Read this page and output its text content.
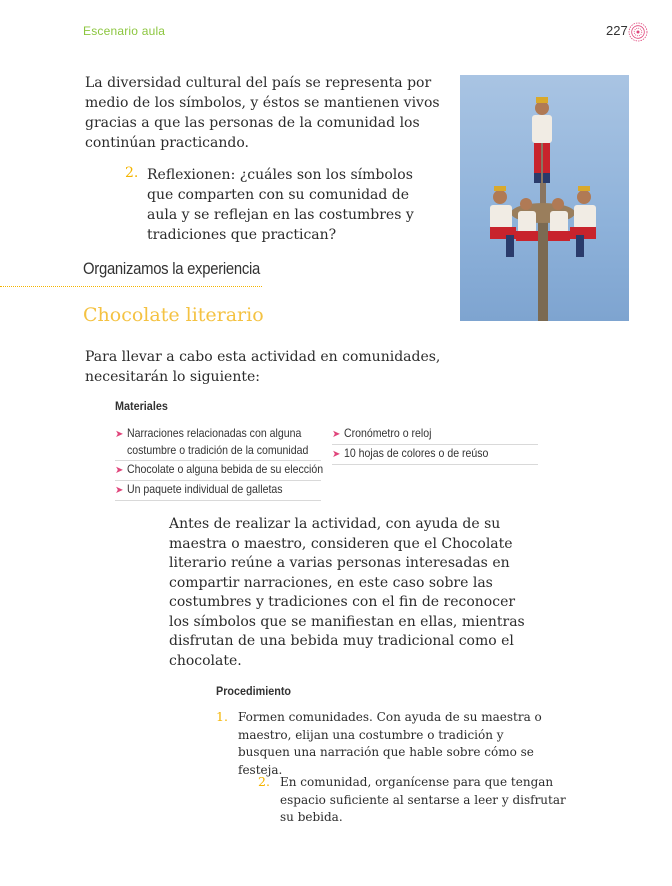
Escenario aula	227

La diversidad cultural del país se representa por medio de los símbolos, y éstos se mantienen vivos gracias a que las personas de la comunidad los continúan practicando.

2. Reflexionen: ¿cuáles son los símbolos que comparten con su comunidad de aula y se reflejan en las costumbres y tradiciones que practican?
Organizamos la experiencia
Chocolate literario

Para llevar a cabo esta actividad en comunidades, necesitarán lo siguiente:

Materiales
➤ Narraciones relacionadas con alguna
costumbre o tradición de la comunidad
➤ Chocolate o alguna bebida de su elección
➤ Un paquete individual de galletas
➤ Cronómetro o reloj
➤ 10 hojas de colores o de reúso

Antes de realizar la actividad, con ayuda de su maestra o maestro, consideren que el Chocolate literario reúne a varias personas interesadas en compartir narraciones, en este caso sobre las costumbres y tradiciones con el fin de reconocer los símbolos que se manifiestan en ellas, mientras disfrutan de una bebida muy tradicional como el chocolate.

Procedimiento
1. Formen comunidades. Con ayuda de su maestra o maestro, elijan una costumbre o tradición y busquen una narración que hable sobre cómo se festeja.
2. En comunidad, organícense para que tengan espacio suficiente al sentarse a leer y disfrutar su bebida.
